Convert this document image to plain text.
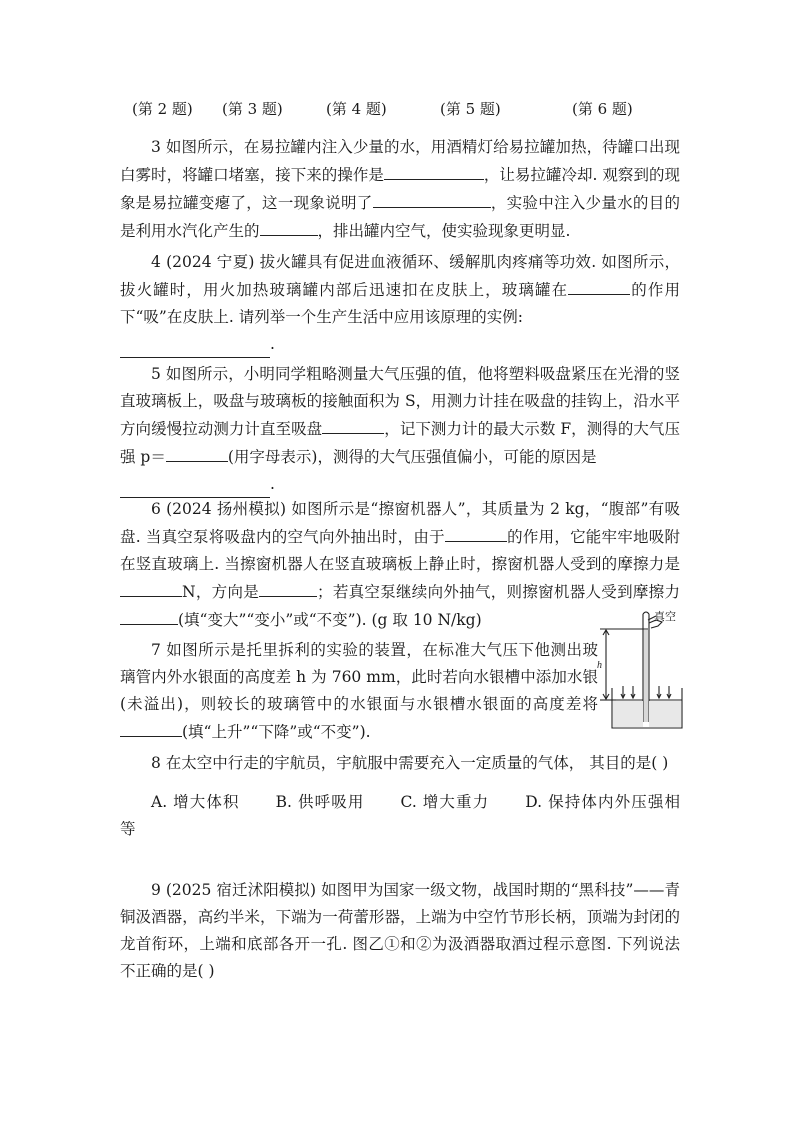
(第 2 题) (第 3 题)	(第 4 题)	(第 5 题)	(第 6 题)

3 如图所示，在易拉罐内注入少量的水，用酒精灯给易拉罐加热，待罐口出现白雾时，将罐口堵塞，接下来的操作是	，让易拉罐冷却. 观察到的现象是易拉罐变瘪了，这一现象说明了	，实验中注入少量水的目的是利用水汽化产生的	，排出罐内空气，使实验现象更明显.

4 (2024 宁夏) 拔火罐具有促进血液循环、缓解肌肉疼痛等功效. 如图所示，拔火罐时，用火加热玻璃罐内部后迅速扣在皮肤上，玻璃罐在	的作用下“吸”在皮肤上. 请列举一个生产生活中应用该原理的实例:

.

5 如图所示，小明同学粗略测量大气压强的值，他将塑料吸盘紧压在光滑的竖直玻璃板上，吸盘与玻璃板的接触面积为 S，用测力计挂在吸盘的挂钩上，沿水平方向缓慢拉动测力计直至吸盘	，记下测力计的最大示数 F，测得的大气压强 p＝	(用字母表示)，测得的大气压强值偏小，可能的原因是

.

6 (2024 扬州模拟) 如图所示是“擦窗机器人”，其质量为 2 kg，“腹部”有吸盘. 当真空泵将吸盘内的空气向外抽出时，由于	的作用，它能牢牢地吸附在竖直玻璃上. 当擦窗机器人在竖直玻璃板上静止时，擦窗机器人受到的摩擦力是N，方向是	；若真空泵继续向外抽气，则擦窗机器人受到摩擦力(填“变大”“变小”或“不变”). (g 取 10 N/kg)

7 如图所示是托里拆利的实验的装置，在标准大气压下他测出玻璃管内外水银面的高度差 h 为 760 mm，此时若向水银槽中添加水银(未溢出)，则较长的玻璃管中的水银面与水银槽水银面的高度差将(填“上升”“下降”或“不变”).

真空
h

8 在太空中行走的宇航员，宇航服中需要充入一定质量的气体， 其目的是( )

A. 增大体积 B. 供呼吸用 C. 增大重力 D. 保持体内外压强相等

9 (2025 宿迁沭阳模拟) 如图甲为国家一级文物，战国时期的“黑科技”——青铜汲酒器，高约半米，下端为一荷蕾形器，上端为中空竹节形长柄，顶端为封闭的龙首衔环，上端和底部各开一孔. 图乙①和②为汲酒器取酒过程示意图. 下列说法不正确的是( )
